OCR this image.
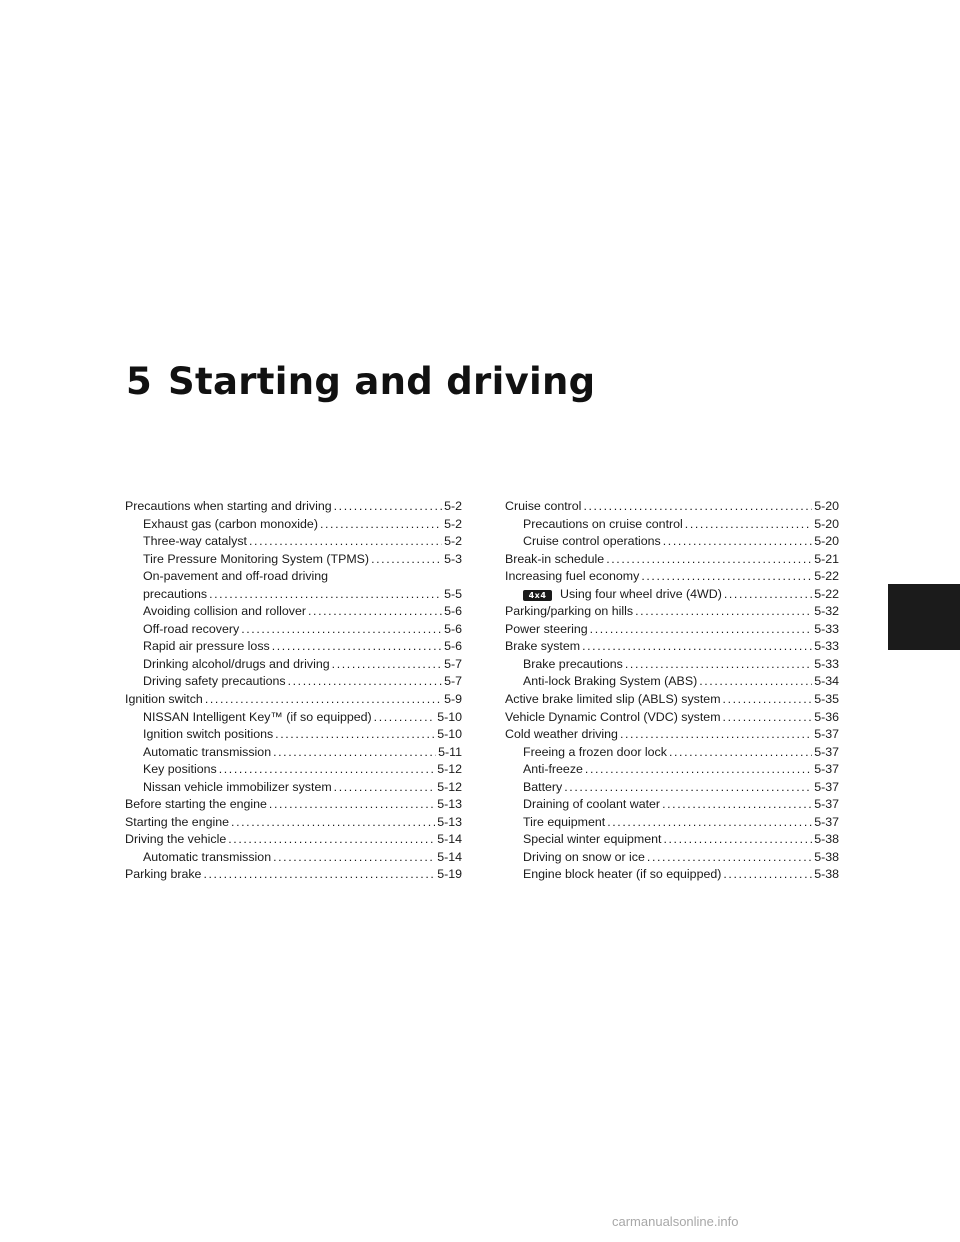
5 Starting and driving
Precautions when starting and driving .....	5-2
Exhaust gas (carbon monoxide) .....	5-2
Three-way catalyst .....	5-2
Tire Pressure Monitoring System (TPMS) .....	5-3
On-pavement and off-road driving
precautions .....	5-5
Avoiding collision and rollover .....	5-6
Off-road recovery .....	5-6
Rapid air pressure loss .....	5-6
Drinking alcohol/drugs and driving .....	5-7
Driving safety precautions .....	5-7
Ignition switch .....	5-9
NISSAN Intelligent Key™ (if so equipped) .....	5-10
Ignition switch positions .....	5-10
Automatic transmission .....	5-11
Key positions .....	5-12
Nissan vehicle immobilizer system .....	5-12
Before starting the engine .....	5-13
Starting the engine .....	5-13
Driving the vehicle .....	5-14
Automatic transmission .....	5-14
Parking brake .....	5-19
Cruise control .....	5-20
Precautions on cruise control .....	5-20
Cruise control operations .....	5-20
Break-in schedule .....	5-21
Increasing fuel economy .....	5-22
4x4 Using four wheel drive (4WD) .....	5-22
Parking/parking on hills .....	5-32
Power steering .....	5-33
Brake system .....	5-33
Brake precautions .....	5-33
Anti-lock Braking System (ABS) .....	5-34
Active brake limited slip (ABLS) system .....	5-35
Vehicle Dynamic Control (VDC) system .....	5-36
Cold weather driving .....	5-37
Freeing a frozen door lock .....	5-37
Anti-freeze .....	5-37
Battery .....	5-37
Draining of coolant water .....	5-37
Tire equipment .....	5-37
Special winter equipment .....	5-38
Driving on snow or ice .....	5-38
Engine block heater (if so equipped) .....	5-38
carmanualsonline.info
